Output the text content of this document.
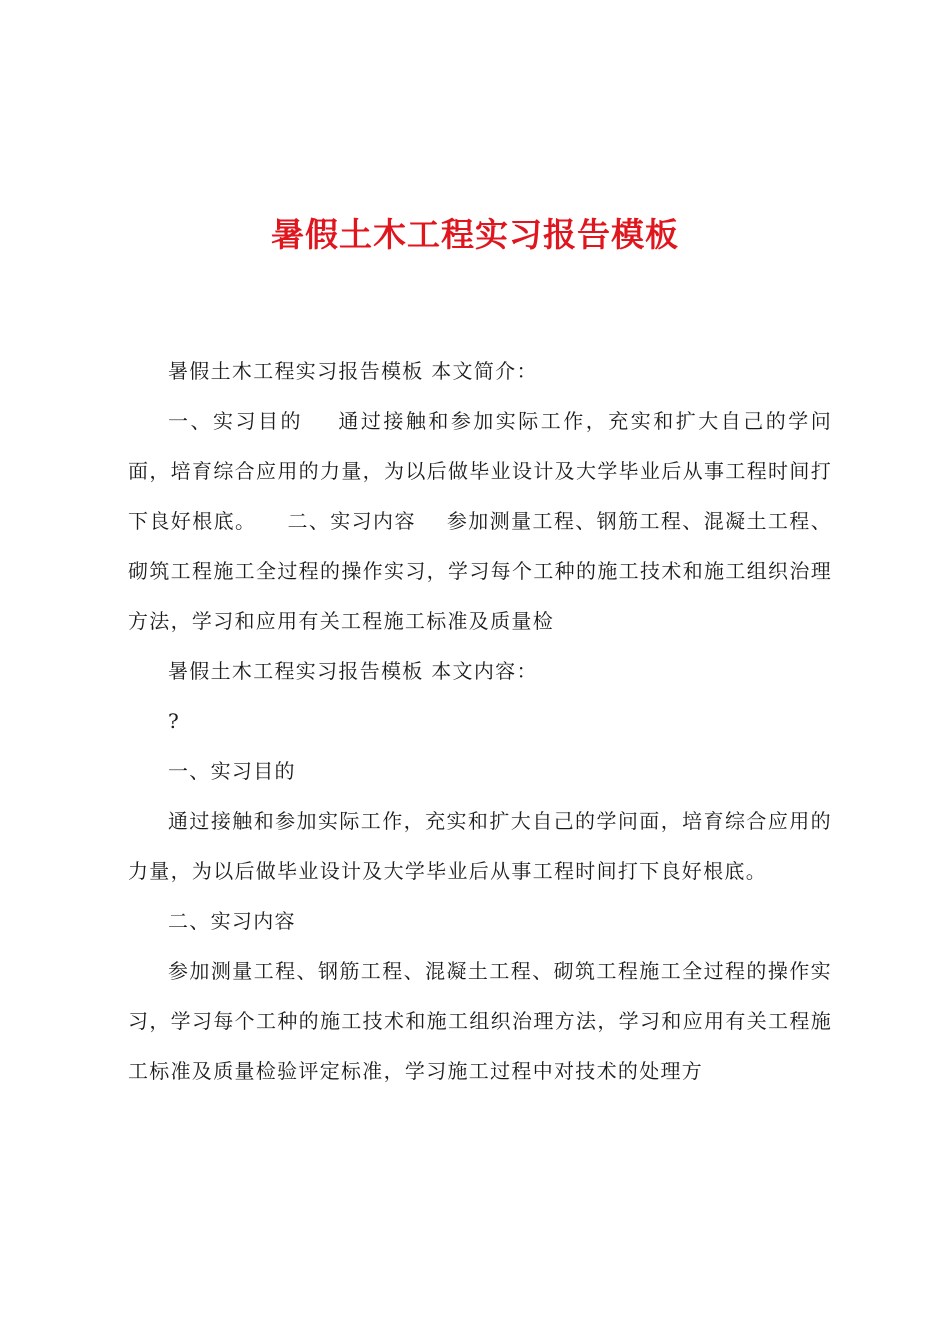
暑假土木工程实习报告模板

暑假土木工程实习报告模板 本文简介：

一、实习目的    通过接触和参加实际工作，充实和扩大自己的学问面，培育综合应用的力量，为以后做毕业设计及大学毕业后从事工程时间打下良好根底。    二、实习内容    参加测量工程、钢筋工程、混凝土工程、砌筑工程施工全过程的操作实习，学习每个工种的施工技术和施工组织治理方法，学习和应用有关工程施工标准及质量检

暑假土木工程实习报告模板 本文内容：

?

一、实习目的

通过接触和参加实际工作，充实和扩大自己的学问面，培育综合应用的力量，为以后做毕业设计及大学毕业后从事工程时间打下良好根底。

二、实习内容

参加测量工程、钢筋工程、混凝土工程、砌筑工程施工全过程的操作实习，学习每个工种的施工技术和施工组织治理方法，学习和应用有关工程施工标准及质量检验评定标准，学习施工过程中对技术的处理方
